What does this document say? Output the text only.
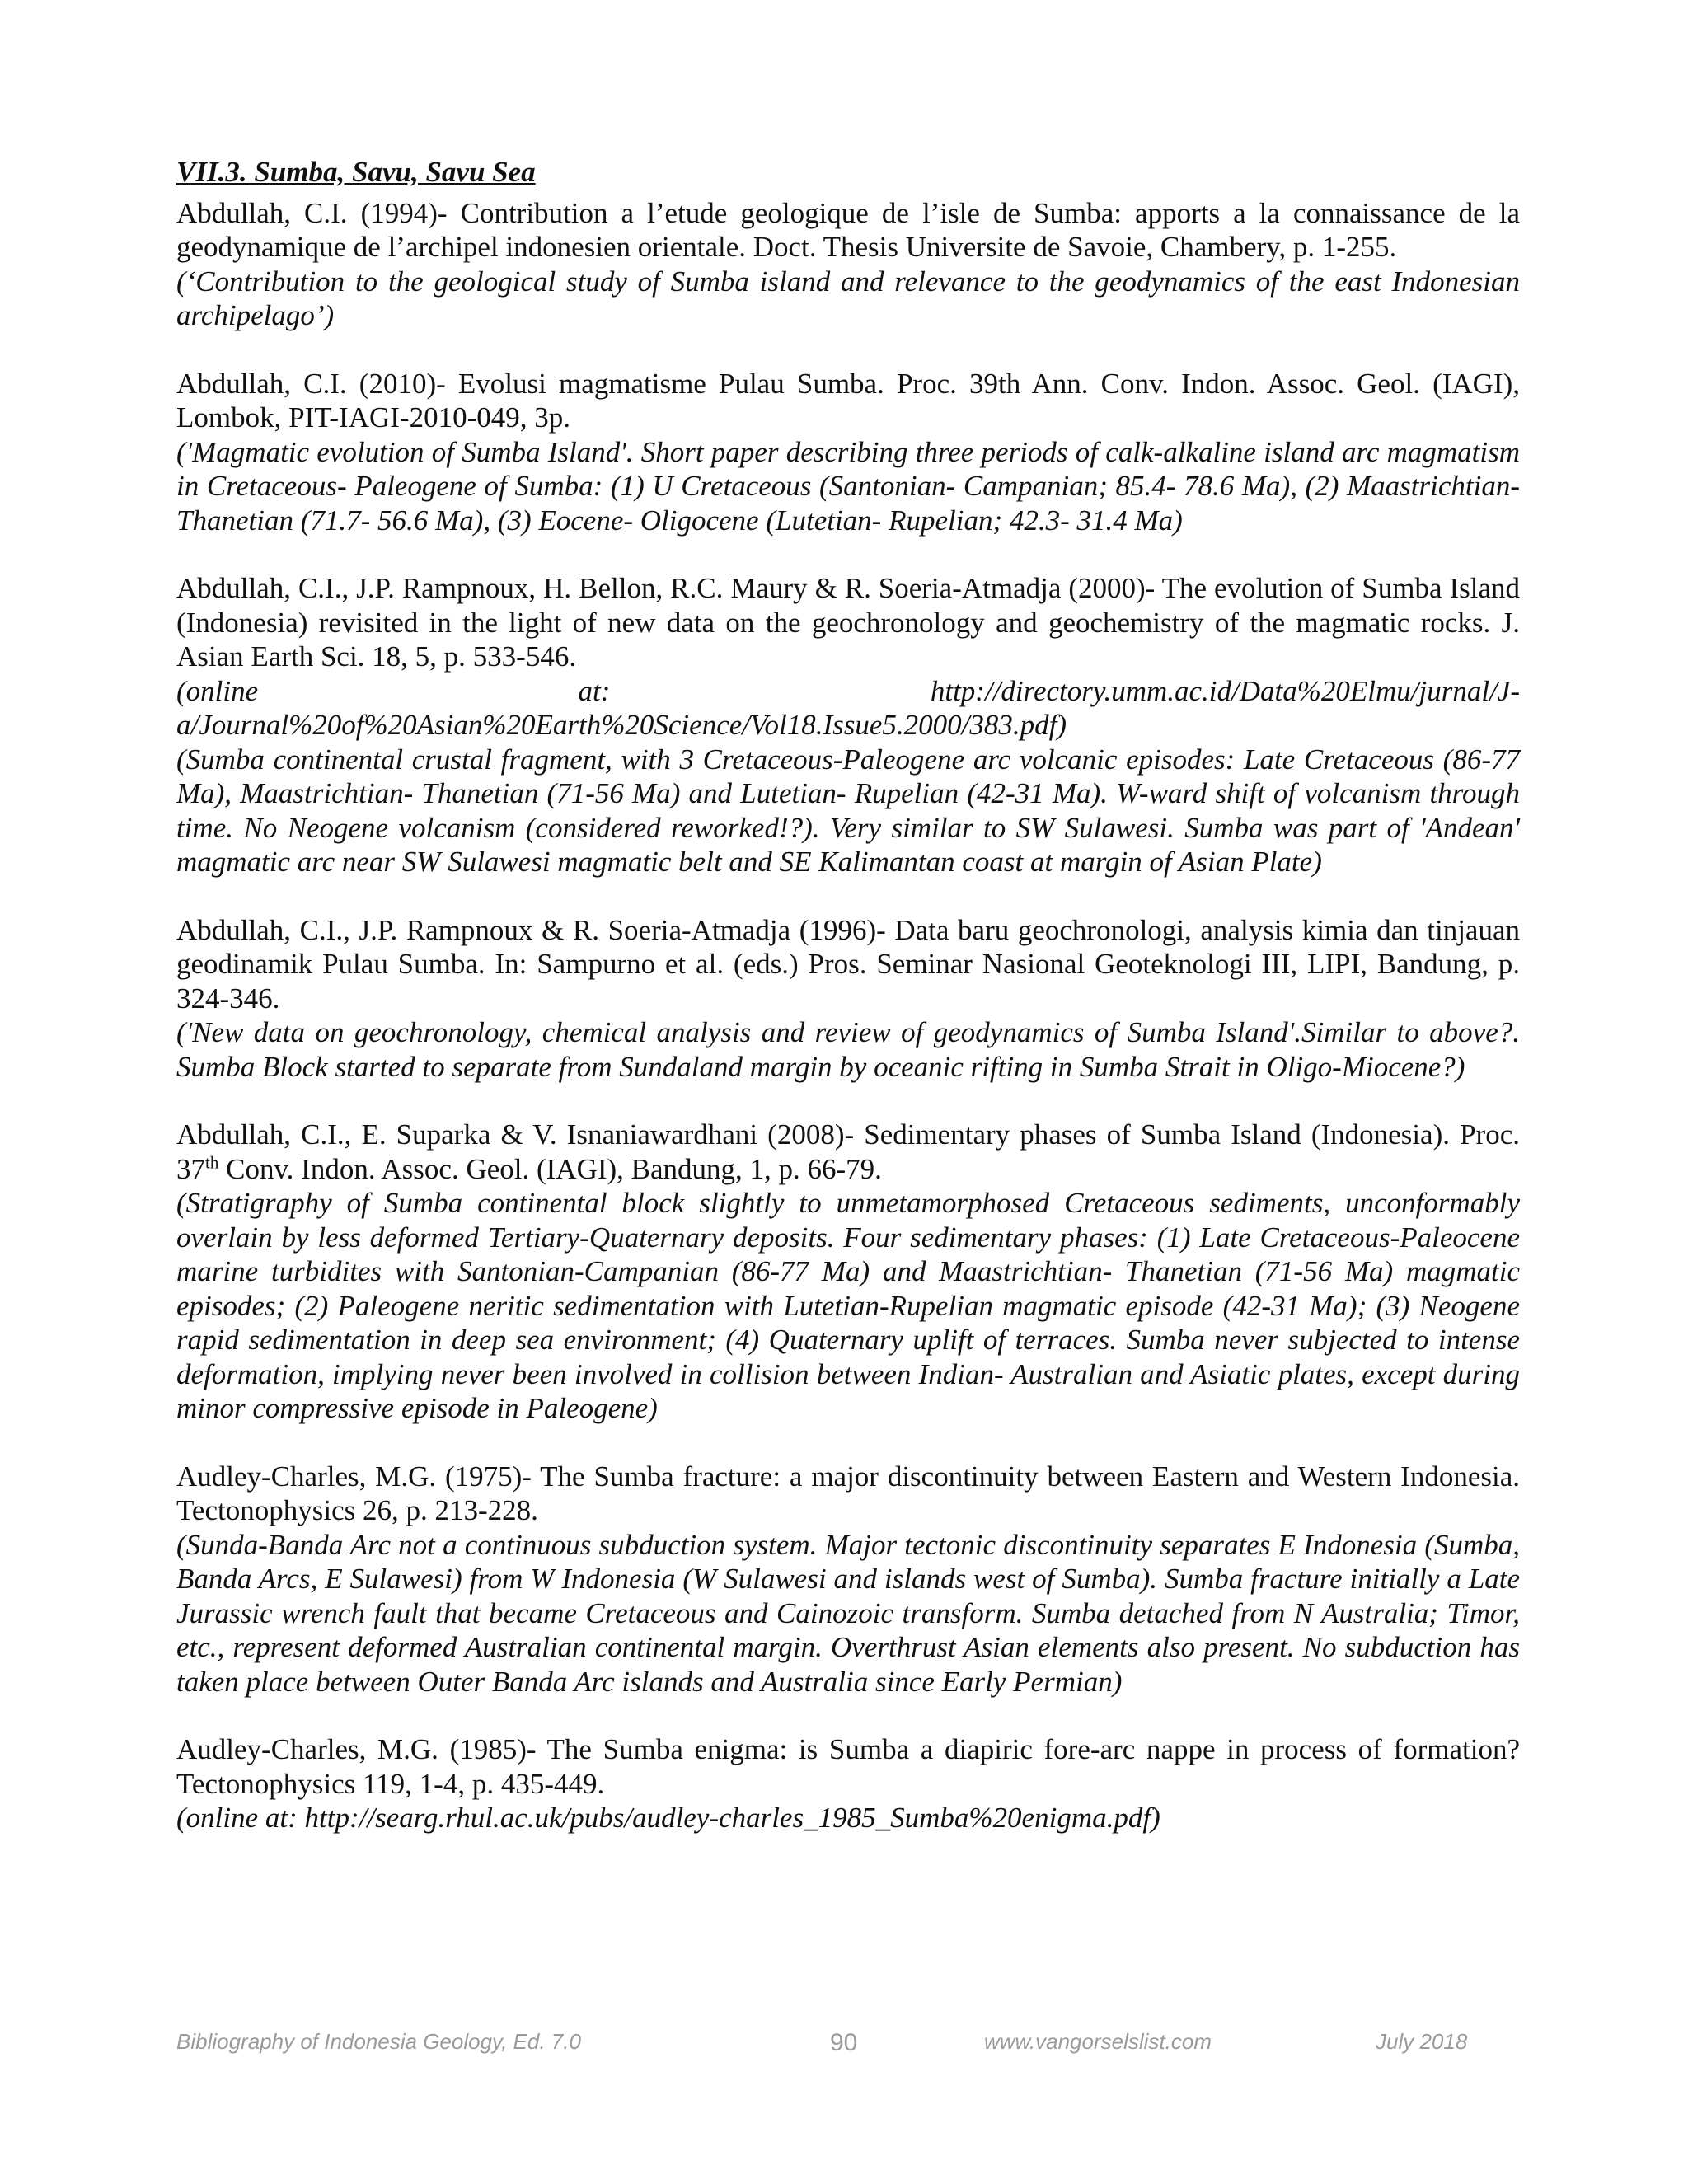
VII.3. Sumba, Savu, Savu Sea

Abdullah, C.I. (1994)- Contribution a l’etude geologique de l’isle de Sumba: apports a la connaissance de la geodynamique de l’archipel indonesien orientale. Doct. Thesis Universite de Savoie, Chambery, p. 1-255.

(‘Contribution to the geological study of Sumba island and relevance to the geodynamics of the east Indonesian archipelago’)

Abdullah, C.I. (2010)- Evolusi magmatisme Pulau Sumba. Proc. 39th Ann. Conv. Indon. Assoc. Geol. (IAGI), Lombok, PIT-IAGI-2010-049, 3p.

('Magmatic evolution of Sumba Island'. Short paper describing three periods of calk-alkaline island arc magmatism in Cretaceous- Paleogene of Sumba: (1) U Cretaceous (Santonian- Campanian; 85.4- 78.6 Ma), (2) Maastrichtian- Thanetian (71.7- 56.6 Ma), (3) Eocene- Oligocene (Lutetian- Rupelian; 42.3- 31.4 Ma)

Abdullah, C.I., J.P. Rampnoux, H. Bellon, R.C. Maury & R. Soeria-Atmadja (2000)- The evolution of Sumba Island (Indonesia) revisited in the light of new data on the geochronology and geochemistry of the magmatic rocks. J. Asian Earth Sci. 18, 5, p. 533-546.

(online	at:	http://directory.umm.ac.id/Data%20Elmu/jurnal/J-

a/Journal%20of%20Asian%20Earth%20Science/Vol18.Issue5.2000/383.pdf)

(Sumba continental crustal fragment, with 3 Cretaceous-Paleogene arc volcanic episodes: Late Cretaceous (86-77 Ma), Maastrichtian- Thanetian (71-56 Ma) and Lutetian- Rupelian (42-31 Ma). W-ward shift of volcanism through time. No Neogene volcanism (considered reworked!?). Very similar to SW Sulawesi. Sumba was part of 'Andean' magmatic arc near SW Sulawesi magmatic belt and SE Kalimantan coast at margin of Asian Plate)

Abdullah, C.I., J.P. Rampnoux & R. Soeria-Atmadja (1996)- Data baru geochronologi, analysis kimia dan tinjauan geodinamik Pulau Sumba. In: Sampurno et al. (eds.) Pros. Seminar Nasional Geoteknologi III, LIPI, Bandung, p. 324-346.

('New data on geochronology, chemical analysis and review of geodynamics of Sumba Island'.Similar to above?. Sumba Block started to separate from Sundaland margin by oceanic rifting in Sumba Strait in Oligo-Miocene?)

Abdullah, C.I., E. Suparka & V. Isnaniawardhani (2008)- Sedimentary phases of Sumba Island (Indonesia). Proc. 37th Conv. Indon. Assoc. Geol. (IAGI), Bandung, 1, p. 66-79.

(Stratigraphy of Sumba continental block slightly to unmetamorphosed Cretaceous sediments, unconformably overlain by less deformed Tertiary-Quaternary deposits. Four sedimentary phases: (1) Late Cretaceous-Paleocene marine turbidites with Santonian-Campanian (86-77 Ma) and Maastrichtian- Thanetian (71-56 Ma) magmatic episodes; (2) Paleogene neritic sedimentation with Lutetian-Rupelian magmatic episode (42-31 Ma); (3) Neogene rapid sedimentation in deep sea environment; (4) Quaternary uplift of terraces. Sumba never subjected to intense deformation, implying never been involved in collision between Indian- Australian and Asiatic plates, except during minor compressive episode in Paleogene)

Audley-Charles, M.G. (1975)- The Sumba fracture: a major discontinuity between Eastern and Western Indonesia. Tectonophysics 26, p. 213-228.

(Sunda-Banda Arc not a continuous subduction system. Major tectonic discontinuity separates E Indonesia (Sumba, Banda Arcs, E Sulawesi) from W Indonesia (W Sulawesi and islands west of Sumba). Sumba fracture initially a Late Jurassic wrench fault that became Cretaceous and Cainozoic transform. Sumba detached from N Australia; Timor, etc., represent deformed Australian continental margin. Overthrust Asian elements also present. No subduction has taken place between Outer Banda Arc islands and Australia since Early Permian)

Audley-Charles, M.G. (1985)- The Sumba enigma: is Sumba a diapiric fore-arc nappe in process of formation? Tectonophysics 119, 1-4, p. 435-449.

(online at: http://searg.rhul.ac.uk/pubs/audley-charles_1985_Sumba%20enigma.pdf)

Bibliography of Indonesia Geology, Ed. 7.0	90	www.vangorselslist.com	July 2018
